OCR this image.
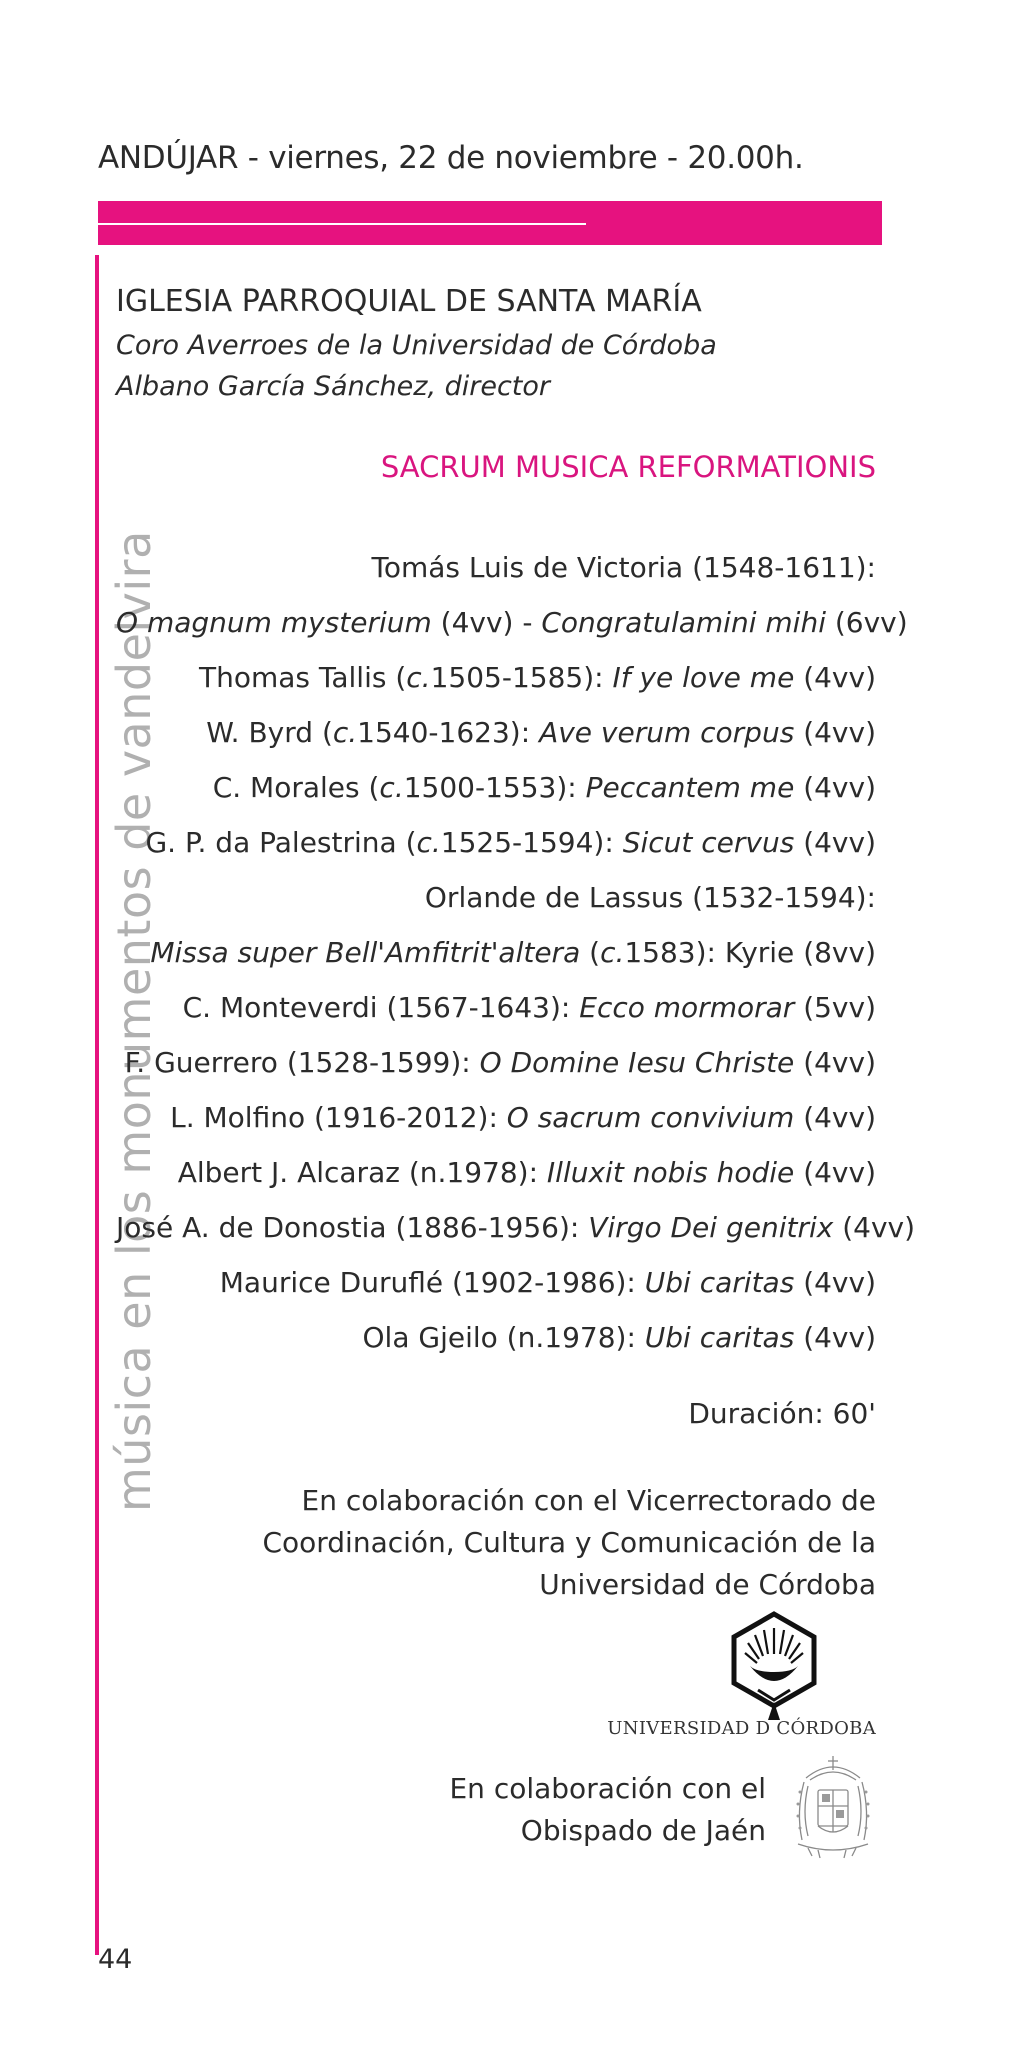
ANDÚJAR - viernes, 22 de noviembre - 20.00h.
música en los monumentos de vandelvira
IGLESIA PARROQUIAL DE SANTA MARÍA
Coro Averroes de la Universidad de Córdoba
Albano García Sánchez, director
SACRUM MUSICA REFORMATIONIS
Tomás Luis de Victoria (1548-1611):
O magnum mysterium (4vv) - Congratulamini mihi (6vv)
Thomas Tallis (c.1505-1585): If ye love me (4vv)
W. Byrd (c.1540-1623): Ave verum corpus (4vv)
C. Morales (c.1500-1553): Peccantem me (4vv)
G. P. da Palestrina (c.1525-1594): Sicut cervus (4vv)
Orlande de Lassus (1532-1594):
Missa super Bell'Amfitrit'altera (c.1583): Kyrie (8vv)
C. Monteverdi (1567-1643): Ecco mormorar (5vv)
F. Guerrero (1528-1599): O Domine Iesu Christe (4vv)
L. Molfino (1916-2012): O sacrum convivium (4vv)
Albert J. Alcaraz (n.1978): Illuxit nobis hodie (4vv)
José A. de Donostia (1886-1956): Virgo Dei genitrix (4vv)
Maurice Duruflé (1902-1986): Ubi caritas (4vv)
Ola Gjeilo (n.1978): Ubi caritas (4vv)
Duración: 60'
En colaboración con el Vicerrectorado de
Coordinación, Cultura y Comunicación de la
Universidad de Córdoba
UNIVERSIDAD D CÓRDOBA
En colaboración con el
Obispado de Jaén
44
